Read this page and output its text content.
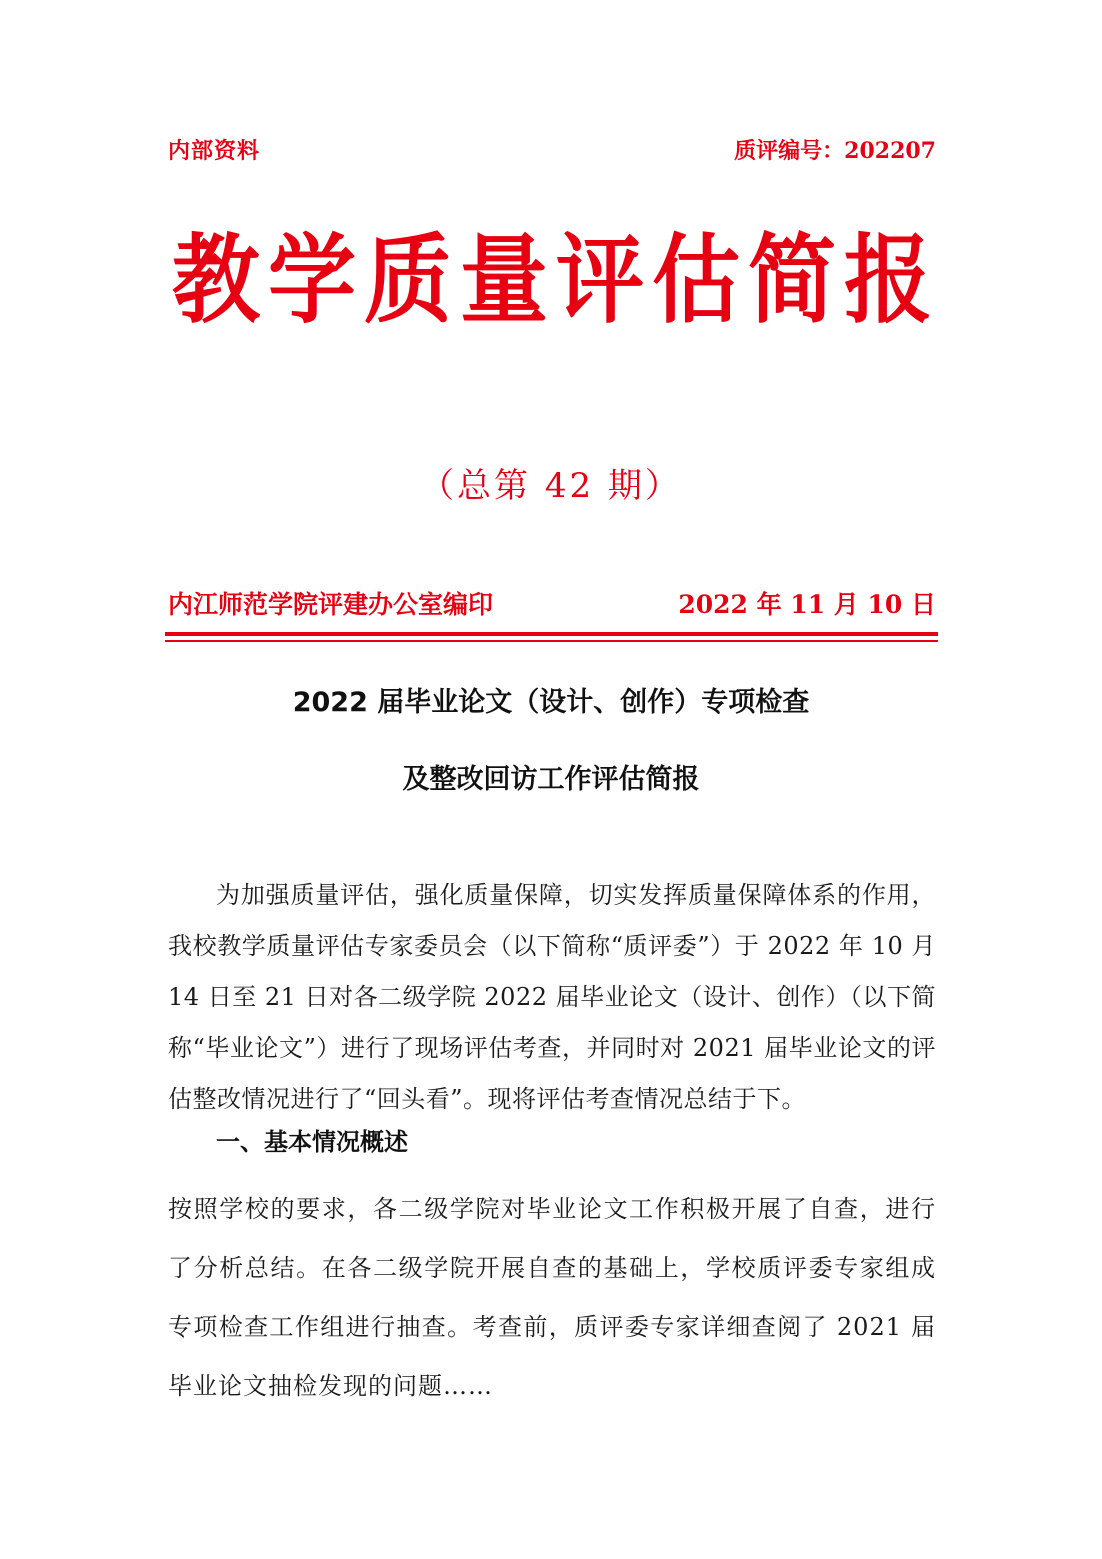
内部资料	质评编号：202207
教学质量评估简报
（总第 42 期）
内江师范学院评建办公室编印	2022 年 11 月 10 日
2022 届毕业论文（设计、创作）专项检查
及整改回访工作评估简报

为加强质量评估，强化质量保障，切实发挥质量保障体系的作用，我校教学质量评估专家委员会（以下简称“质评委”）于 2022 年 10 月 14 日至 21 日对各二级学院 2022 届毕业论文（设计、创作）（以下简称“毕业论文”）进行了现场评估考查，并同时对 2021 届毕业论文的评估整改情况进行了“回头看”。现将评估考查情况总结于下。

一、基本情况概述

按照学校的要求，各二级学院对毕业论文工作积极开展了自查，进行了分析总结。在各二级学院开展自查的基础上，学校质评委专家组成专项检查工作组进行抽查。考查前，质评委专家详细查阅了 2021 届毕业论文抽检发现的问题……
